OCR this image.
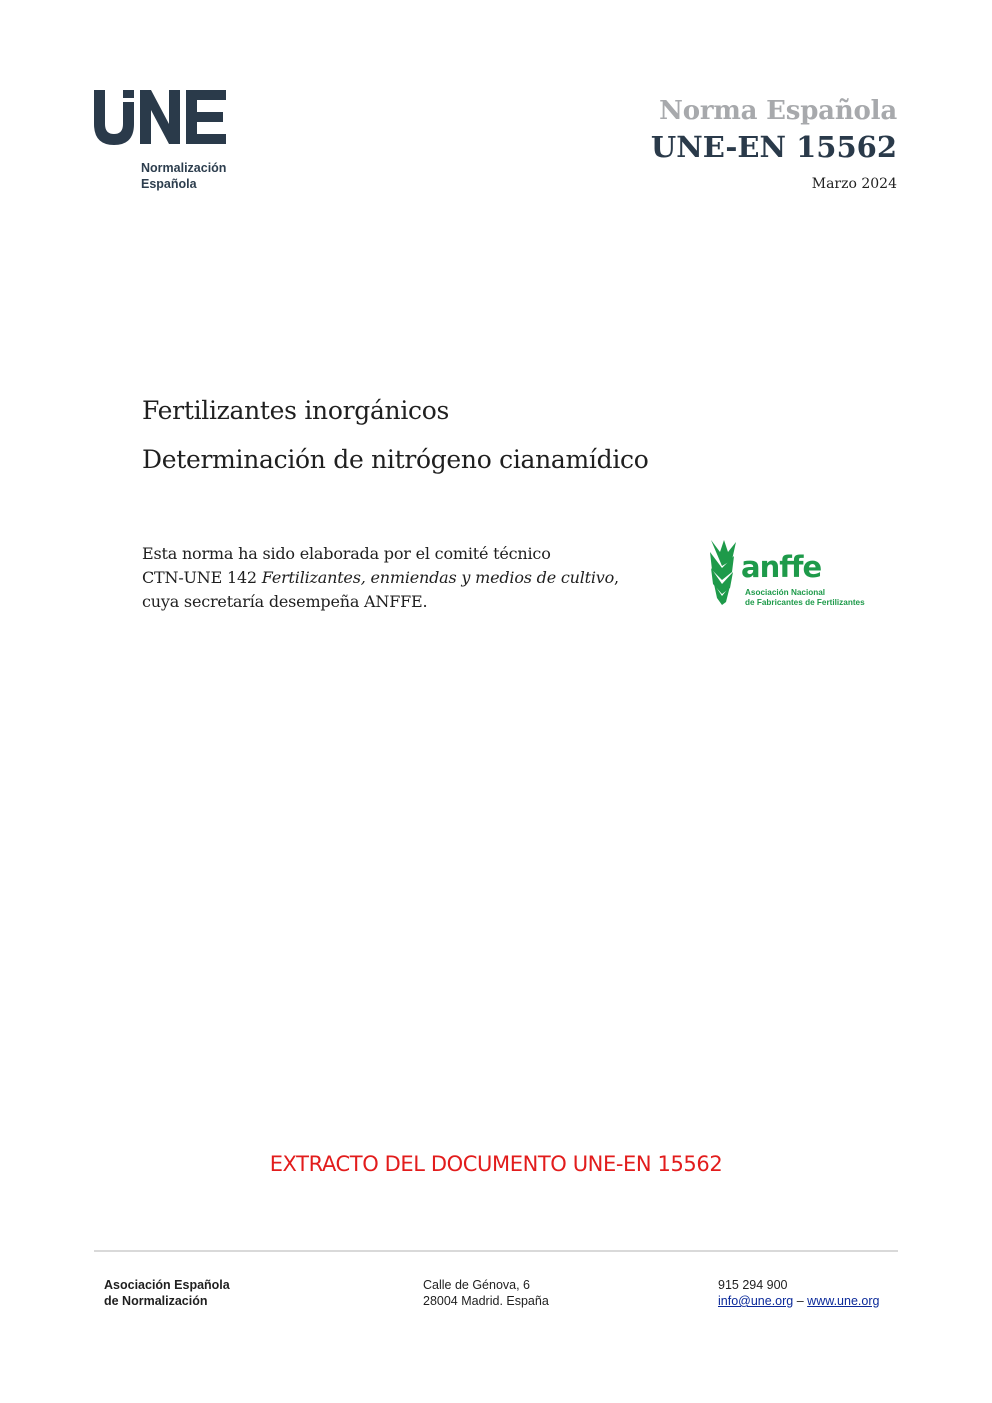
Normalización
Española
Norma Española
UNE-EN 15562
Marzo 2024
Fertilizantes inorgánicos
Determinación de nitrógeno cianamídico

Esta norma ha sido elaborada por el comité técnico

CTN-UNE 142 Fertilizantes, enmiendas y medios de cultivo,

cuya secretaría desempeña ANFFE.

anffe
Asociación Nacional
de Fabricantes de Fertilizantes
EXTRACTO DEL DOCUMENTO UNE-EN 15562
Asociación Española
de Normalización
Calle de Génova, 6
28004 Madrid. España
915 294 900
info@une.org – www.une.org
